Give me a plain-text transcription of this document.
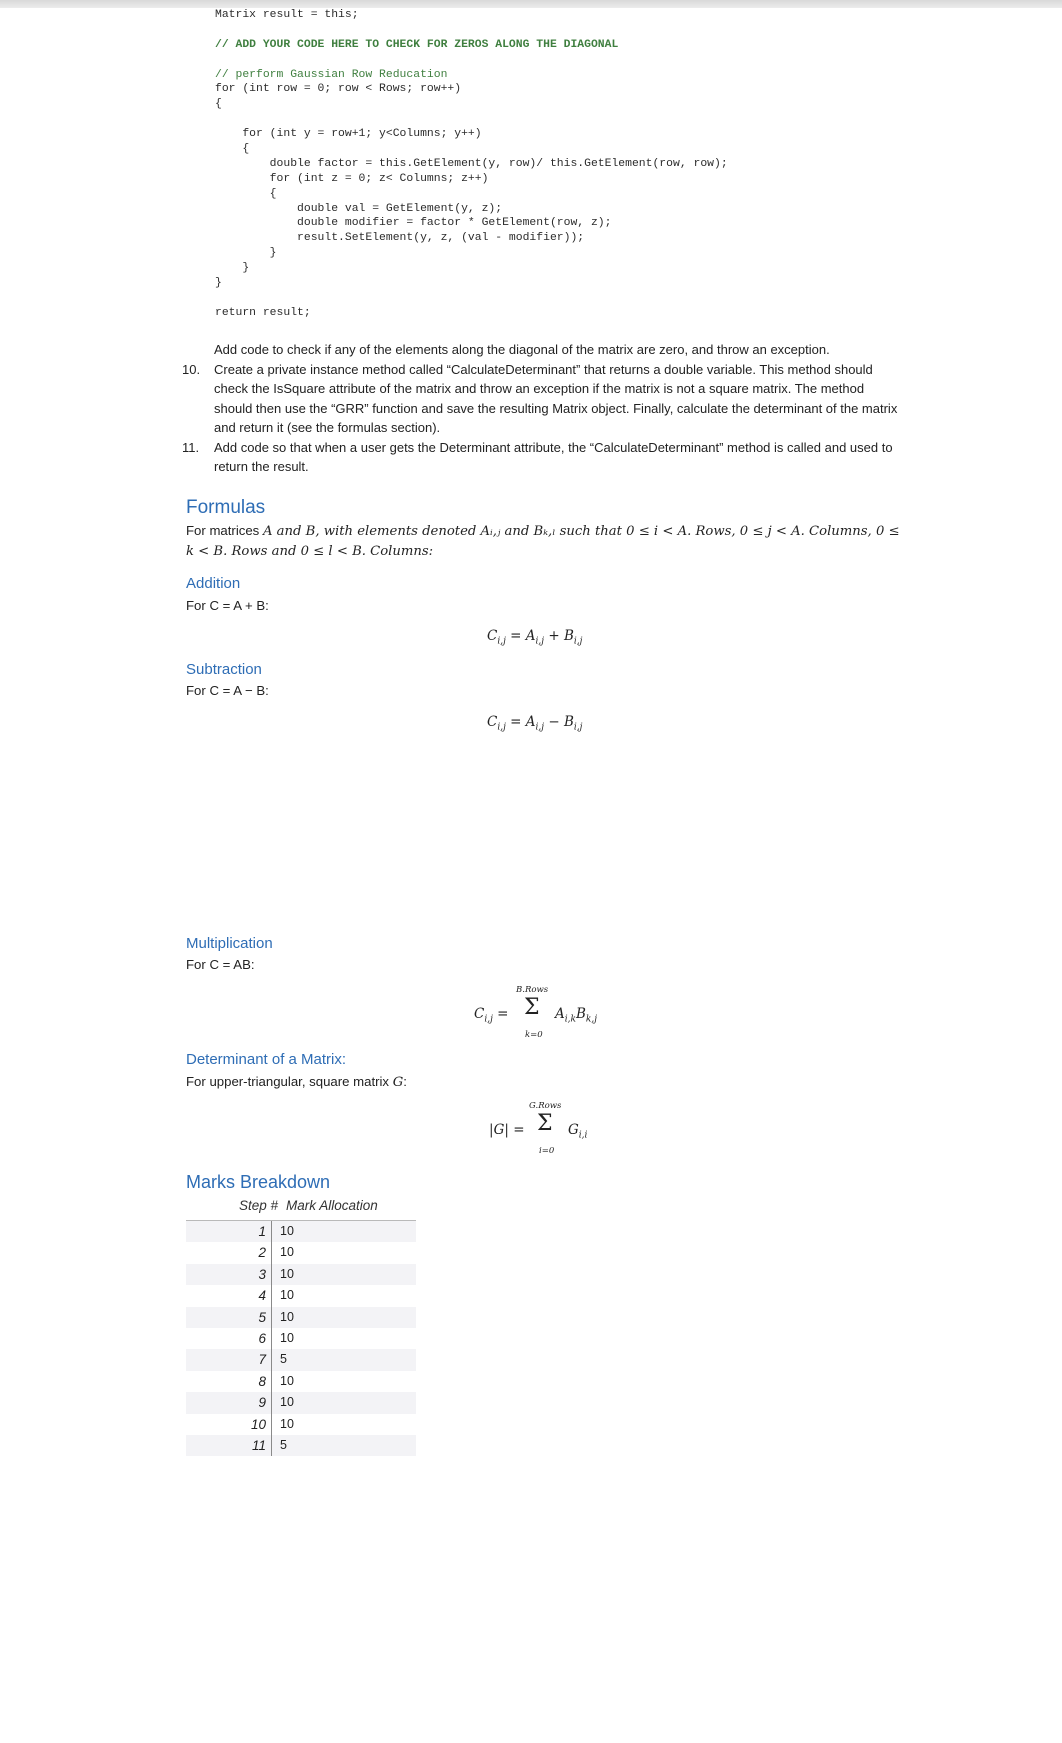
Matrix result = this;
// ADD YOUR CODE HERE TO CHECK FOR ZEROS ALONG THE DIAGONAL
// perform Gaussian Row Reducation
for (int row = 0; row < Rows; row++)
{
for (int y = row+1; y<Columns; y++)
{
double factor = this.GetElement(y, row)/ this.GetElement(row, row);
for (int z = 0; z< Columns; z++)
{
double val = GetElement(y, z);
double modifier = factor * GetElement(row, z);
result.SetElement(y, z, (val - modifier));
}
}
}
return result;
Add code to check if any of the elements along the diagonal of the matrix are zero, and throw an exception.
10. Create a private instance method called “CalculateDeterminant” that returns a double variable. This method should check the IsSquare attribute of the matrix and throw an exception if the matrix is not a square matrix. The method should then use the “GRR” function and save the resulting Matrix object. Finally, calculate the determinant of the matrix and return it (see the formulas section).
11. Add code so that when a user gets the Determinant attribute, the “CalculateDeterminant” method is called and used to return the result.
Formulas
For matrices A and B, with elements denoted Aᵢ,ⱼ and Bₖ,ₗ such that 0 ≤ i < A. Rows, 0 ≤ j < A. Columns, 0 ≤
k < B. Rows and 0 ≤ l < B. Columns:
Addition
For C = A + B:
$C_{i,j} = A_{i,j} + B_{i,j}$
Subtraction
For C = A − B:
$C_{i,j} = A_{i,j} - B_{i,j}$
Multiplication
For C = AB:
$C_{i,j}$ =
B.Rows
Σ
k=0
$A_{i,k}B_{k,j}$
Determinant of a Matrix:
For upper-triangular, square matrix G:
|G| =
G.Rows
Σ
i=0
$G_{i,i}$
Marks Breakdown
Step # Mark Allocation
1	10
2	10
3	10
4	10
5	10
6	10
7	5
8	10
9	10
10	10
11	5
